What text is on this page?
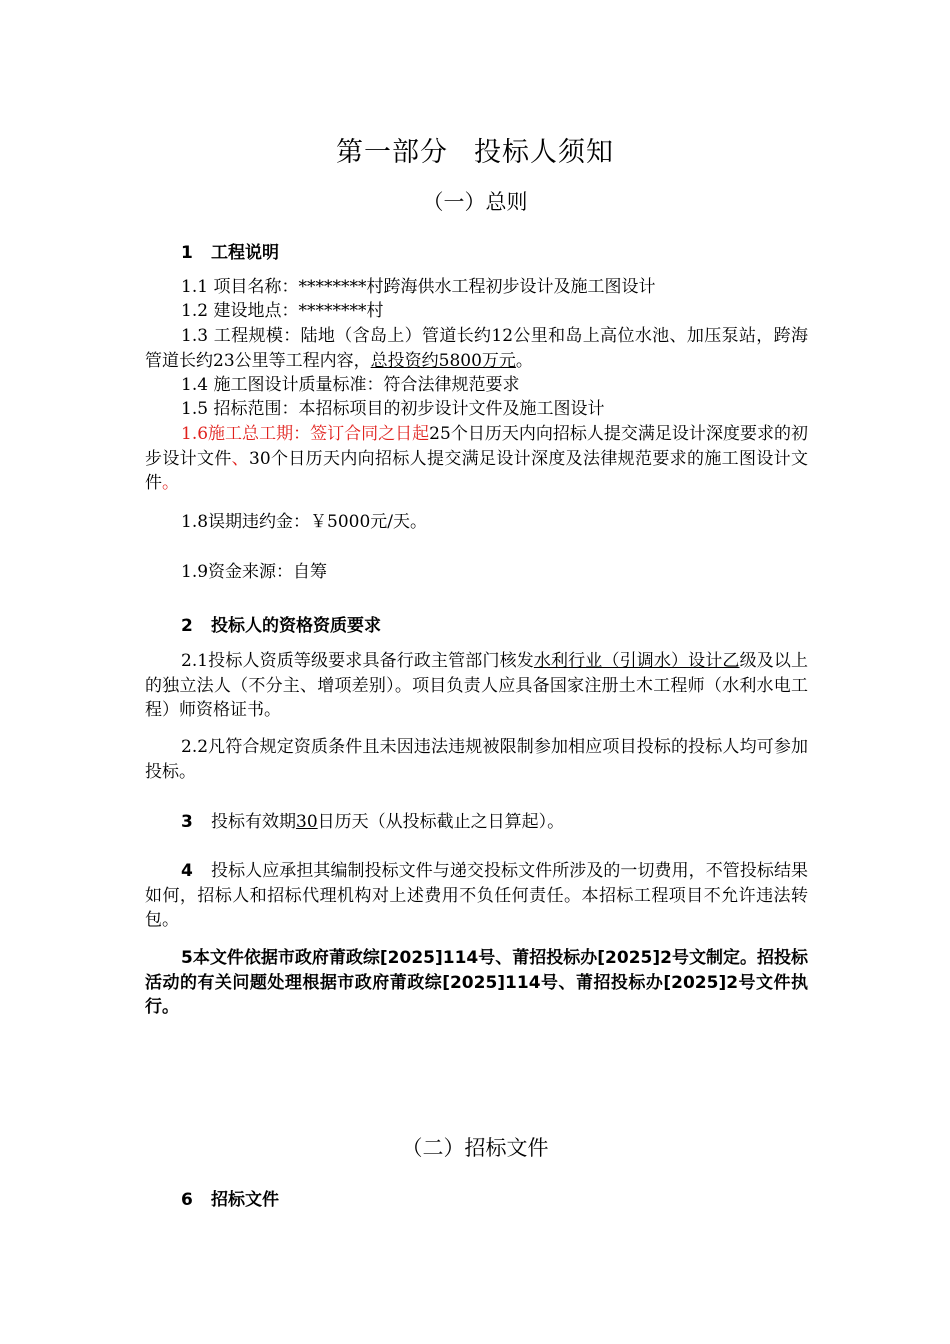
第一部分 投标人须知
（一）总则
1 工程说明
1.1 项目名称：********村跨海供水工程初步设计及施工图设计
1.2 建设地点：********村
1.3 工程规模：陆地（含岛上）管道长约12公里和岛上高位水池、加压泵站，跨海管道长约23公里等工程内容，总投资约5800万元。
1.4 施工图设计质量标准：符合法律规范要求
1.5 招标范围：本招标项目的初步设计文件及施工图设计
1.6施工总工期：签订合同之日起25个日历天内向招标人提交满足设计深度要求的初步设计文件、30个日历天内向招标人提交满足设计深度及法律规范要求的施工图设计文件。
1.8误期违约金：￥5000元/天。
1.9资金来源：自筹
2 投标人的资格资质要求
2.1投标人资质等级要求具备行政主管部门核发水利行业（引调水）设计乙级及以上的独立法人（不分主、增项差别）。项目负责人应具备国家注册土木工程师（水利水电工程）师资格证书。
2.2凡符合规定资质条件且未因违法违规被限制参加相应项目投标的投标人均可参加投标。
3 投标有效期30日历天（从投标截止之日算起）。
4 投标人应承担其编制投标文件与递交投标文件所涉及的一切费用，不管投标结果如何，招标人和招标代理机构对上述费用不负任何责任。本招标工程项目不允许违法转包。
5本文件依据市政府莆政综[2025]114号、莆招投标办[2025]2号文制定。招投标活动的有关问题处理根据市政府莆政综[2025]114号、莆招投标办[2025]2号文件执行。
（二）招标文件
6 招标文件
